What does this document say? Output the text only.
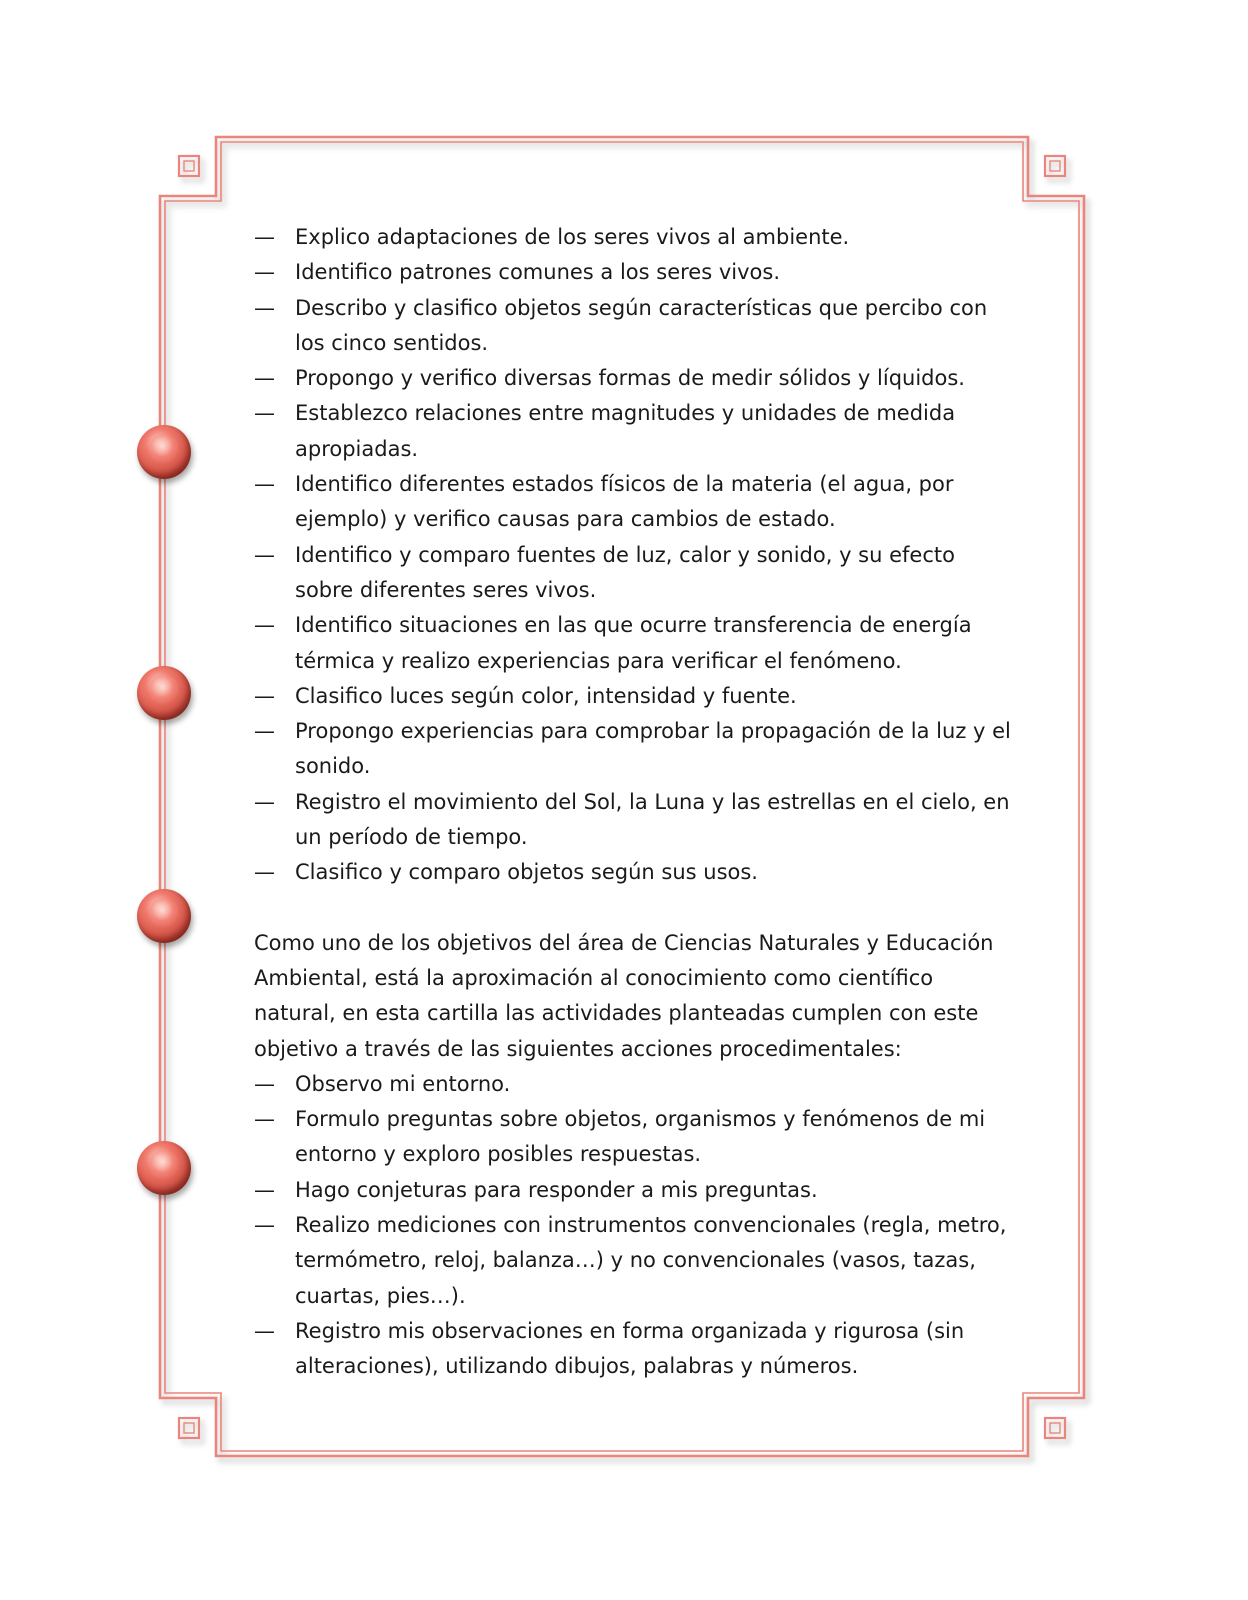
— Explico adaptaciones de los seres vivos al ambiente.
— Identifico patrones comunes a los seres vivos.
— Describo y clasifico objetos según características que percibo con los cinco sentidos.
— Propongo y verifico diversas formas de medir sólidos y líquidos.
— Establezco relaciones entre magnitudes y unidades de medida apropiadas.
— Identifico diferentes estados físicos de la materia (el agua, por ejemplo) y verifico causas para cambios de estado.
— Identifico y comparo fuentes de luz, calor y sonido, y su efecto sobre diferentes seres vivos.
— Identifico situaciones en las que ocurre transferencia de energía térmica y realizo experiencias para verificar el fenómeno.
— Clasifico luces según color, intensidad y fuente.
— Propongo experiencias para comprobar la propagación de la luz y el sonido.
— Registro el movimiento del Sol, la Luna y las estrellas en el cielo, en un período de tiempo.
— Clasifico y comparo objetos según sus usos.

Como uno de los objetivos del área de Ciencias Naturales y Educación Ambiental, está la aproximación al conocimiento como científico natural, en esta cartilla las actividades planteadas cumplen con este objetivo a través de las siguientes acciones procedimentales:

— Observo mi entorno.
— Formulo preguntas sobre objetos, organismos y fenómenos de mi entorno y exploro posibles respuestas.
— Hago conjeturas para responder a mis preguntas.
— Realizo mediciones con instrumentos convencionales (regla, metro, termómetro, reloj, balanza…) y no convencionales (vasos, tazas, cuartas, pies…).
— Registro mis observaciones en forma organizada y rigurosa (sin alteraciones), utilizando dibujos, palabras y números.
